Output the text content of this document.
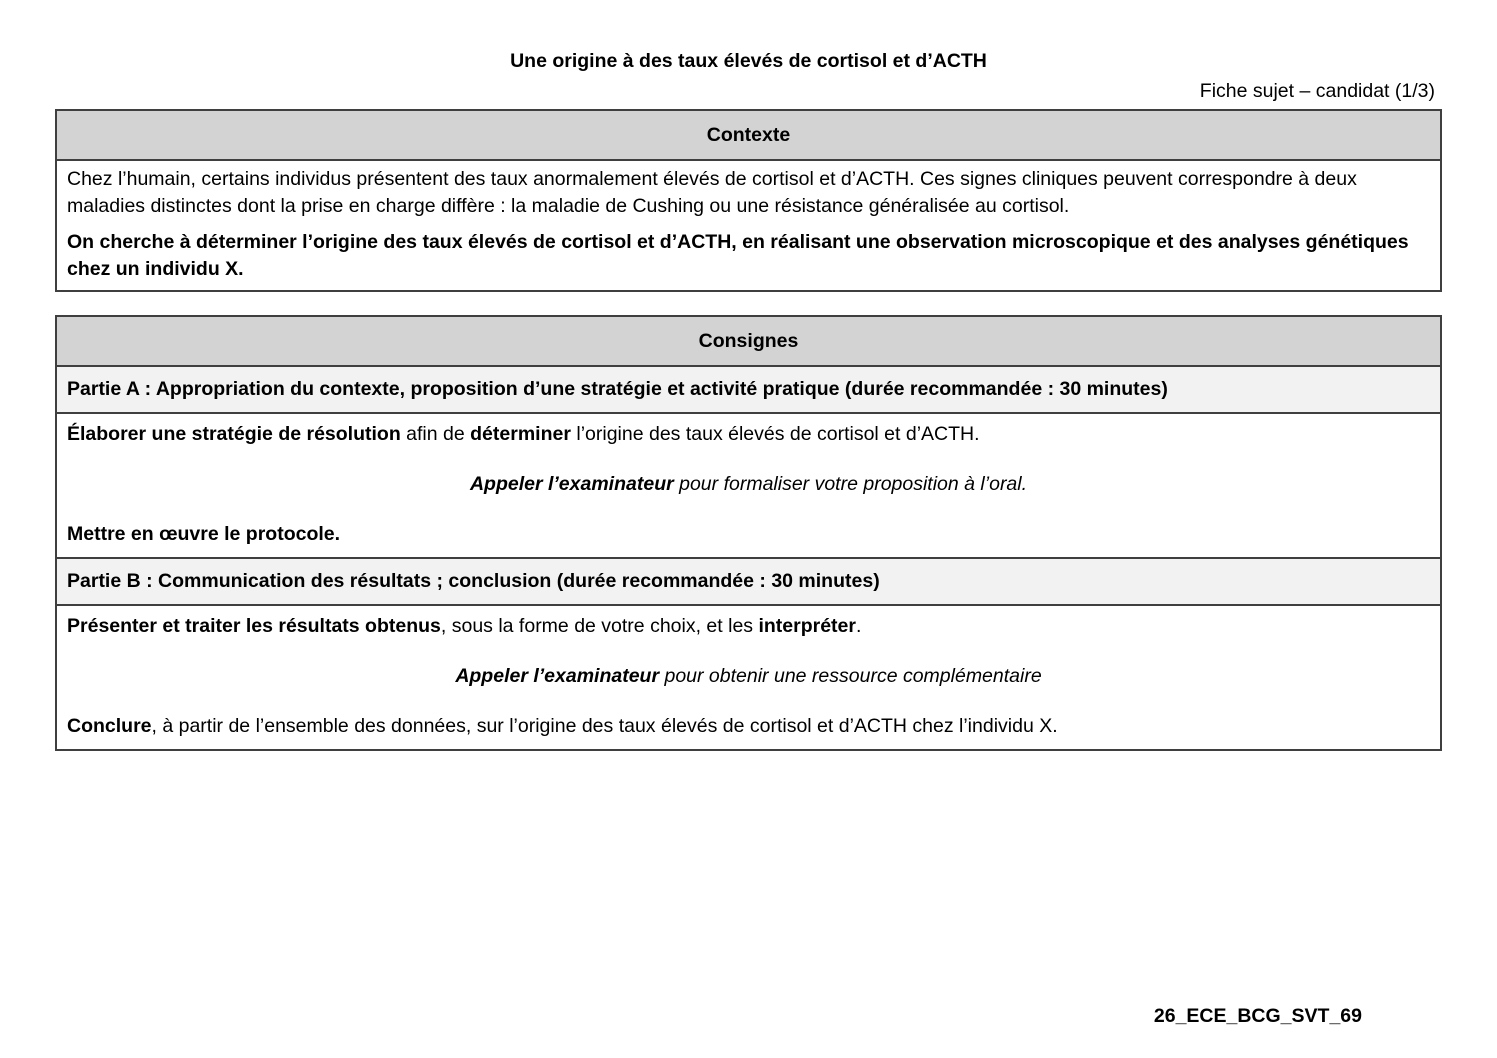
Une origine à des taux élevés de cortisol et d’ACTH
Fiche sujet – candidat (1/3)
Contexte

Chez l’humain, certains individus présentent des taux anormalement élevés de cortisol et d’ACTH. Ces signes cliniques peuvent correspondre à deux maladies distinctes dont la prise en charge diffère : la maladie de Cushing ou une résistance généralisée au cortisol.

On cherche à déterminer l’origine des taux élevés de cortisol et d’ACTH, en réalisant une observation microscopique et des analyses génétiques chez un individu X.

Consignes
Partie A : Appropriation du contexte, proposition d’une stratégie et activité pratique (durée recommandée : 30 minutes)

Élaborer une stratégie de résolution afin de déterminer l’origine des taux élevés de cortisol et d’ACTH.

Appeler l’examinateur pour formaliser votre proposition à l’oral.

Mettre en œuvre le protocole.

Partie B : Communication des résultats ; conclusion (durée recommandée : 30 minutes)

Présenter et traiter les résultats obtenus, sous la forme de votre choix, et les interpréter.

Appeler l’examinateur pour obtenir une ressource complémentaire

Conclure, à partir de l’ensemble des données, sur l’origine des taux élevés de cortisol et d’ACTH chez l’individu X.

26_ECE_BCG_SVT_69
